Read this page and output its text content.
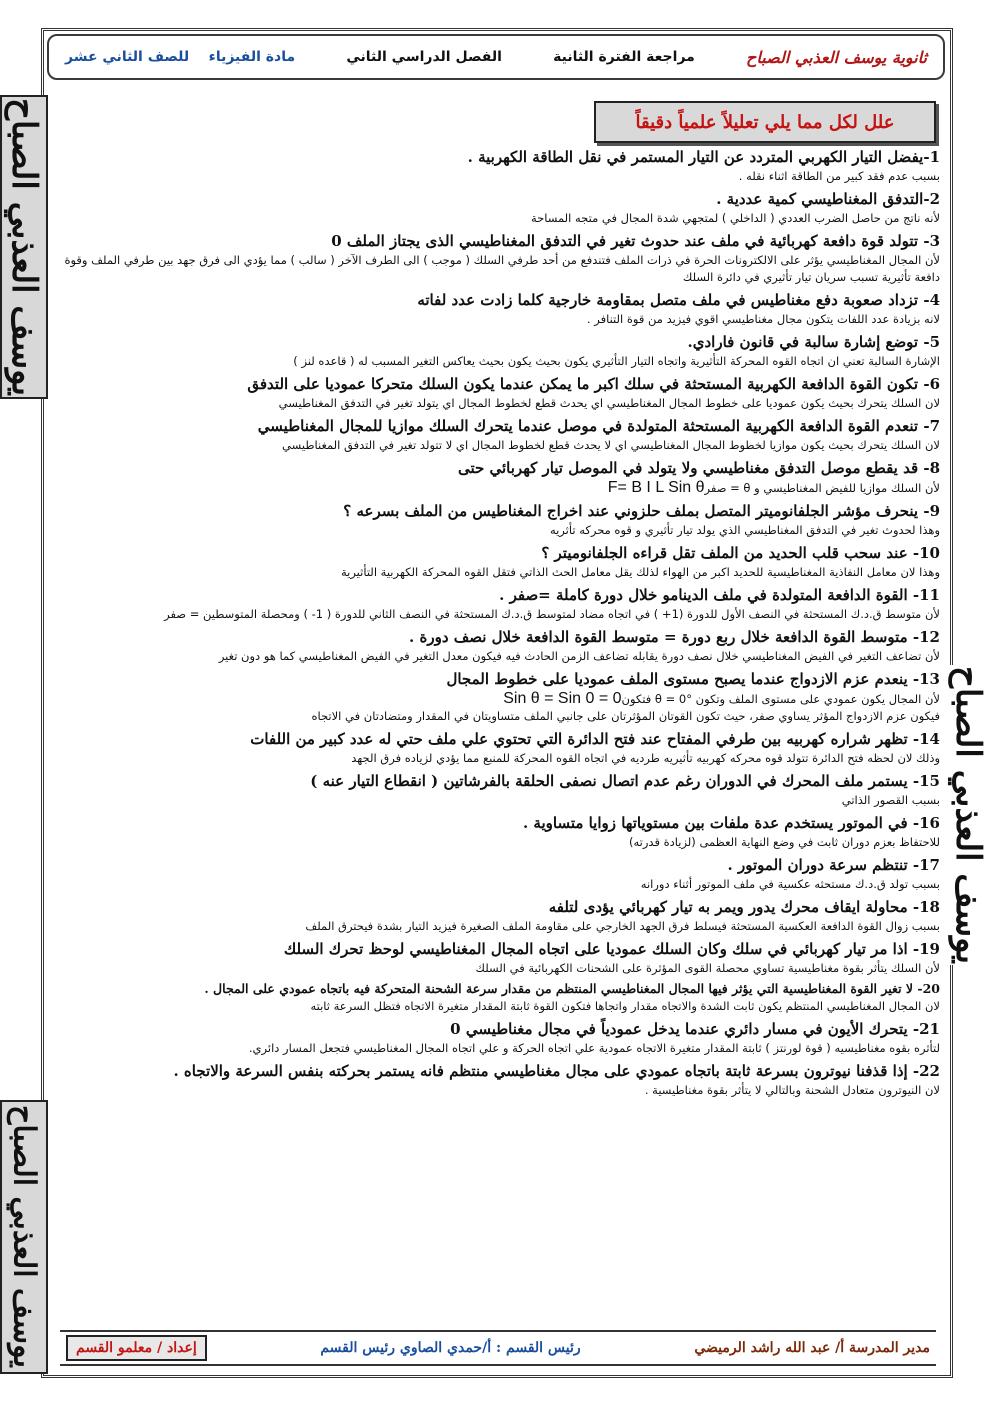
ثانوية يوسف العذبي الصباح
مراجعة الفترة الثانية
الفصل الدراسي الثاني
مادة الفيزياء    للصف الثاني عشر
يوسف العذبي الصباح
يوسف العذبي الصباح
يوسف العذبي الصباح
علل لكل مما يلي تعليلاً علمياً دقيقاً
1-يفضل التيار الكهربي المتردد عن التيار المستمر في نقل الطاقة الكهربية .
بسبب عدم فقد كبير من الطاقة اثناء نقله .
2-التدفق المغناطيسي كمية عددية .
لأنه ناتج من حاصل الضرب العددي ( الداخلي ) لمتجهي شدة المجال في متجه المساحة
3- تتولد قوة دافعة كهربائية في ملف عند حدوث تغير في التدفق المغناطيسي الذى يجتاز الملف 0
لأن المجال المغناطيسي يؤثر على الالكترونات الحرة في ذرات الملف فتندفع من أحد طرفي السلك ( موجب ) الى الطرف الآخر ( سالب ) مما يؤدي الى فرق جهد بين طرفي الملف وقوة دافعة تأثيرية تسبب سريان تيار تأثيري في دائرة السلك
4- تزداد صعوبة دفع مغناطيس في ملف متصل بمقاومة خارجية كلما زادت عدد لفاته
لانه بزيادة عدد اللفات يتكون مجال مغناطيسي اقوي فيزيد من قوة التنافر .
5- توضع إشارة سالبة في قانون فارادي.
الإشارة السالبة تعني ان اتجاه القوه المحركة التأثيرية واتجاه التيار التأثيري يكون بحيث يكون بحيث يعاكس التغير المسبب له ( قاعده لنز )
6- تكون القوة الدافعة الكهربية المستحثة في سلك اكبر ما يمكن عندما يكون السلك متحركا عموديا على التدفق
لان السلك يتحرك بحيث يكون عموديا على خطوط المجال المغناطيسي اي يحدث قطع لخطوط المجال اي يتولد تغير في التدفق المغناطيسي
7- تنعدم القوة الدافعة الكهربية المستحثة المتولدة في موصل عندما يتحرك السلك موازيا للمجال المغناطيسي
لان السلك يتحرك بحيث يكون موازيا لخطوط المجال المغناطيسي اي لا يحدث قطع لخطوط المجال اي لا تتولد تغير في التدفق المغناطيسي
8- قد يقطع موصل التدفق مغناطيسي ولا يتولد في الموصل تيار كهربائي حتى
لأن السلك موازيا للفيض المغناطيسي و θ = صفرF= B I L Sin θ
9- ينحرف مؤشر الجلفانوميتر المتصل بملف حلزوني عند اخراج المغناطيس من الملف بسرعه ؟
وهذا لحدوث تغير في التدفق المغناطيسي الذي يولد تيار تأثيري و قوه محركه تأثريه
10- عند سحب قلب الحديد من الملف تقل قراءه الجلفانوميتر ؟
وهذا لان معامل النفاذية المغناطيسية للحديد اكبر من الهواء لذلك يقل معامل الحث الذاتي فتقل القوه المحركة الكهربية التأثيرية
11- القوة الدافعة المتولدة في ملف الدينامو خلال دورة كاملة =صفر .
لأن متوسط ق.د.ك المستحثة في النصف الأول للدورة (1+ ) في اتجاه مضاد لمتوسط ق.د.ك المستحثة في النصف الثاني للدورة ( 1- ) ومحصلة المتوسطين = صفر
12- متوسط القوة الدافعة خلال ربع دورة = متوسط القوة الدافعة خلال نصف دورة .
لأن تضاعف التغير في الفيض المغناطيسي خلال نصف دورة يقابله تضاعف الزمن الحادث فيه فيكون معدل التغير في الفيض المغناطيسي كما هو دون تغير
13- ينعدم عزم الازدواج عندما يصبح مستوى الملف عموديا على خطوط المجال
لأن المجال يكون عمودي على مستوى الملف وتكون θ = 0° فتكونSin θ = Sin 0 = 0
فيكون عزم الازدواج المؤثر يساوي صفر، حيث تكون القوتان المؤثرتان على جانبي الملف متساويتان في المقدار ومتضادتان في الاتجاه
14- تظهر شراره كهربيه بين طرفي المفتاح عند فتح الدائرة التي تحتوي علي ملف حتي له عدد كبير من اللفات
وذلك لان لحظه فتح الدائرة تتولد قوه محركه كهربيه تأثيريه طرديه في اتجاه القوه المحركة للمنبع مما يؤدي لزياده فرق الجهد
15- يستمر ملف المحرك في الدوران رغم عدم اتصال نصفى الحلقة بالفرشاتين ( انقطاع التيار عنه )
بسبب القصور الذاتي
16- في الموتور يستخدم عدة ملفات بين مستوياتها زوايا متساوية .
للاحتفاظ بعزم دوران ثابت في وضع النهاية العظمى (لزيادة قدرته)
17- تنتظم سرعة دوران الموتور .
بسبب تولد ق.د.ك مستحثه عكسية في ملف الموتور أثناء دورانه
18- محاولة ايقاف محرك يدور ويمر به تيار كهربائي يؤدى لتلفه
بسبب زوال القوة الدافعة العكسية المستحثة فيسلط فرق الجهد الخارجي على مقاومة الملف الصغيرة فيزيد التيار بشدة فيحترق الملف
19- اذا مر تيار كهربائي في سلك وكان السلك عموديا على اتجاه المجال المغناطيسي لوحظ تحرك السلك
لأن السلك يتأثر بقوة مغناطيسية تساوي محصلة القوى المؤثرة على الشحنات الكهربائية في السلك
20- لا تغير القوة المغناطيسية التي يؤثر فيها المجال المغناطيسي المنتظم من مقدار سرعة الشحنة المتحركة فيه باتجاه عمودي على المجال .
لان المجال المغناطيسي المنتظم يكون ثابت الشدة والاتجاه مقدار واتجاها فتكون القوة ثابتة المقدار متغيرة الاتجاه فتظل السرعة ثابته
21- يتحرك الأيون في مسار دائري عندما يدخل عمودياً في مجال مغناطيسي 0
لتأثره بقوه مغناطيسيه ( قوة لورنتز ) ثابتة المقدار متغيرة الاتجاه عمودية علي اتجاه الحركة و علي اتجاه المجال المغناطيسي فتجعل المسار دائري.
22- إذا قذفنا نيوترون بسرعة ثابتة باتجاه عمودي على مجال مغناطيسي منتظم فانه يستمر بحركته بنفس السرعة والاتجاه .
لان النيوترون متعادل الشحنة وبالتالي لا يتأثر بقوة مغناطيسية .
إعداد / معلمو القسم	رئيس القسم : أ/حمدي الصاوي رئيس القسم	مدير المدرسة أ/ عبد الله راشد الرميضي
